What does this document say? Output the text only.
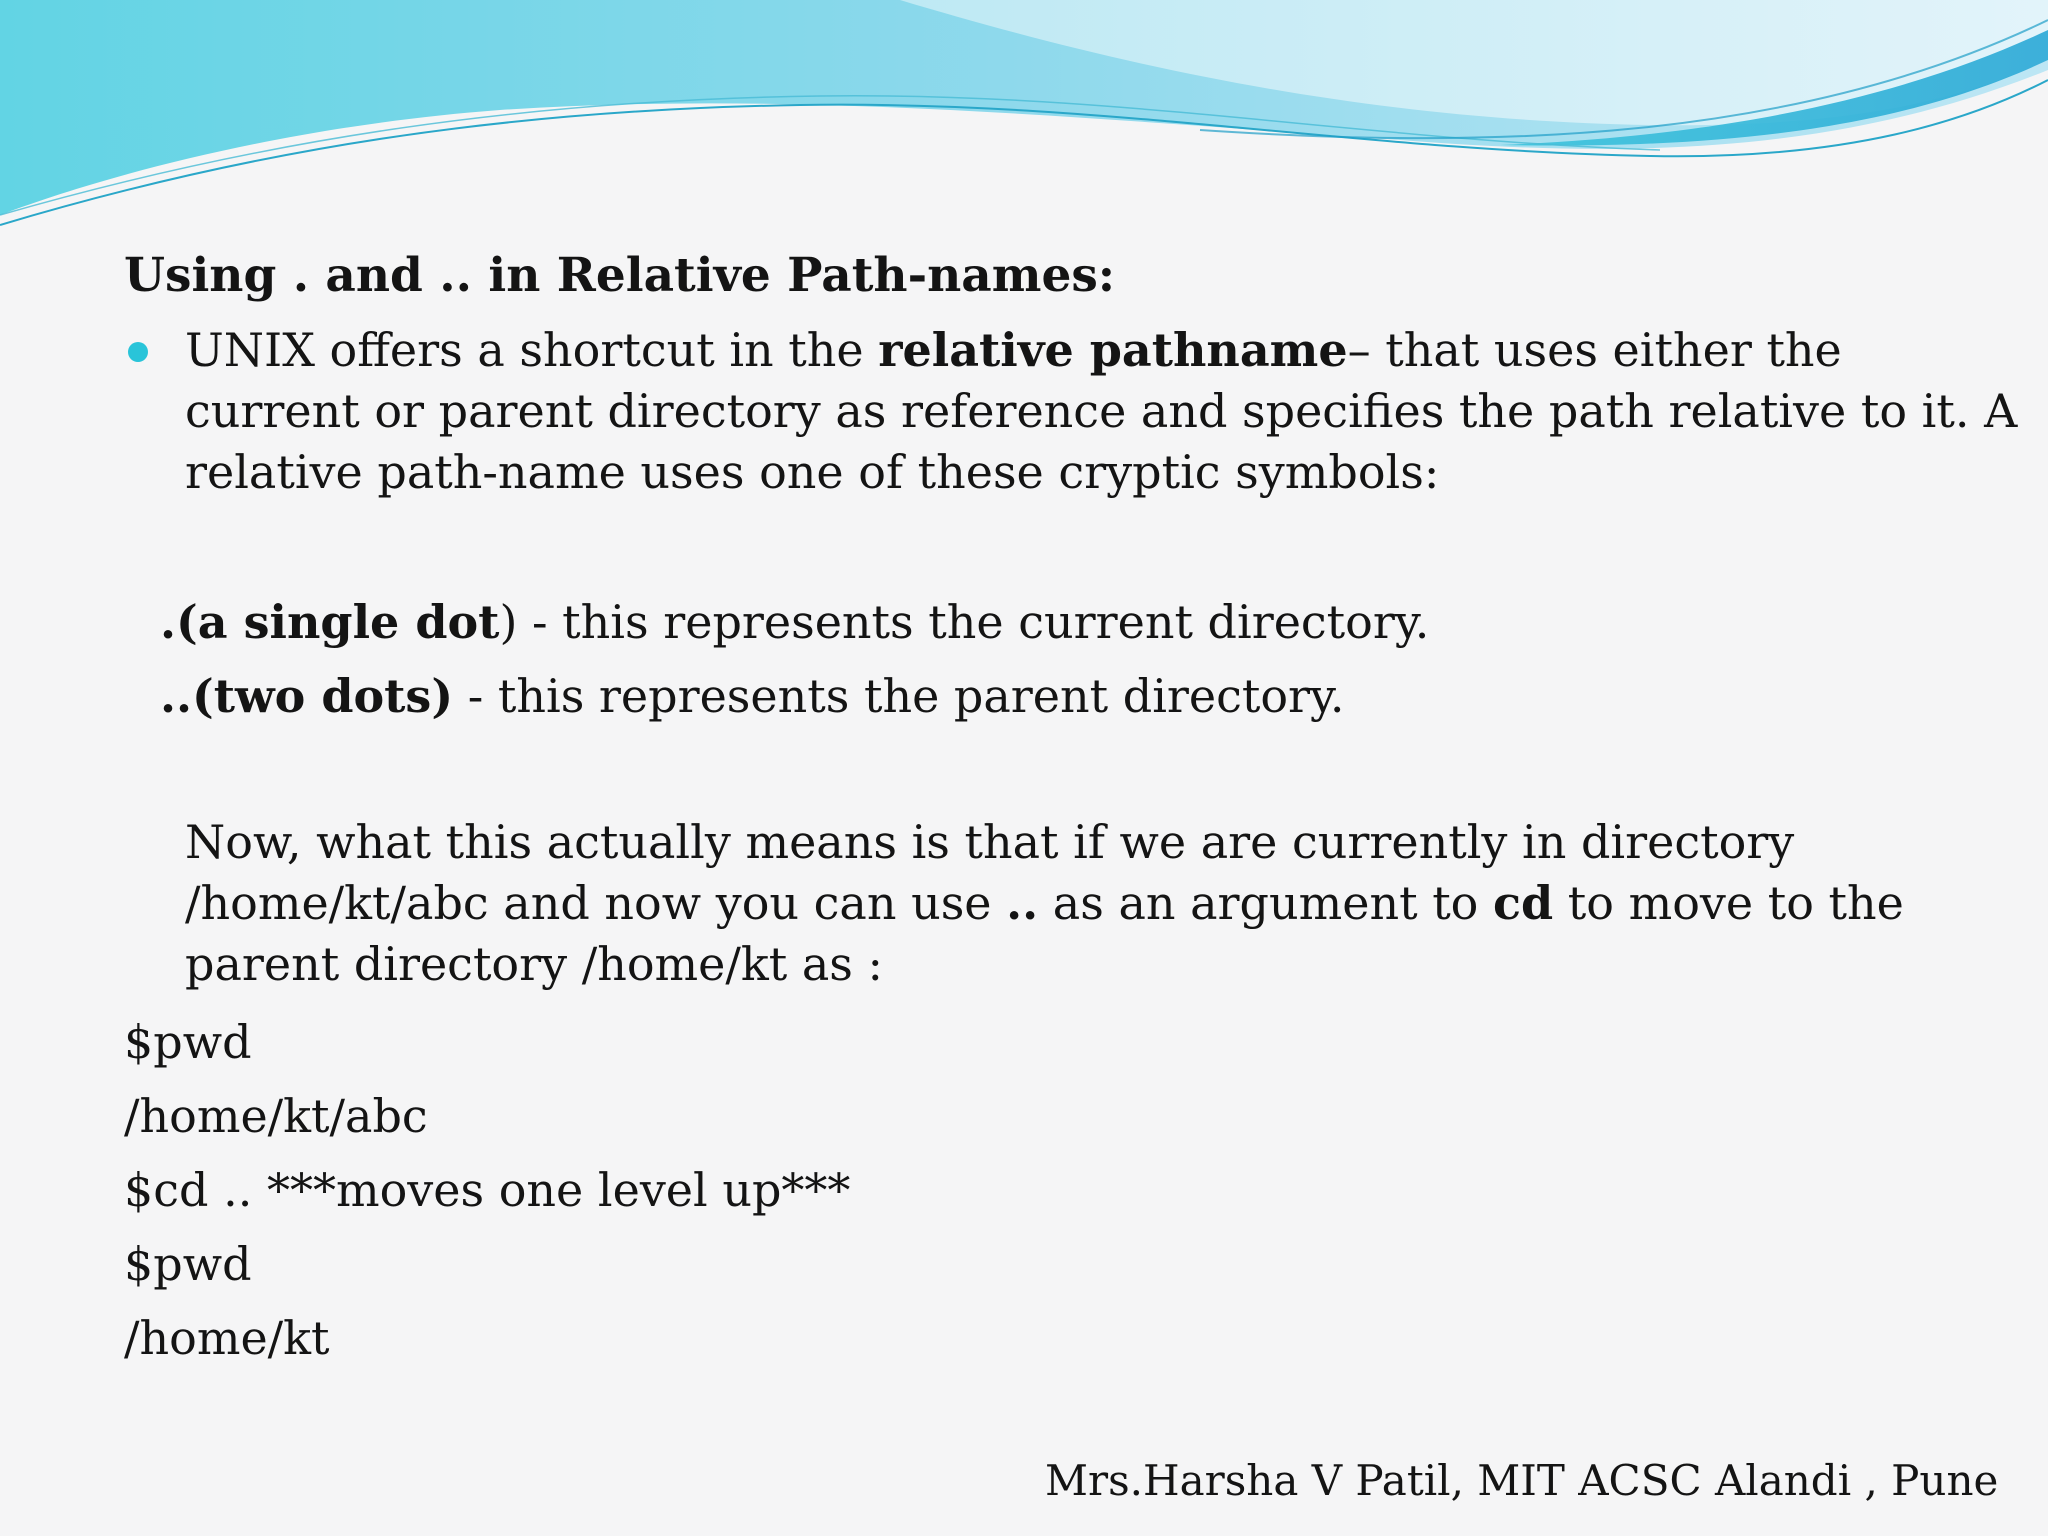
Using . and .. in Relative Path-names:
UNIX offers a shortcut in the relative pathname– that uses either the current or parent directory as reference and specifies the path relative to it. A relative path-name uses one of these cryptic symbols:
.(a single dot) - this represents the current directory.
..(two dots) - this represents the parent directory.
Now, what this actually means is that if we are currently in directory /home/kt/abc and now you can use .. as an argument to cd to move to the parent directory /home/kt as :
$pwd
/home/kt/abc
$cd .. ***moves one level up***
$pwd
/home/kt
Mrs.Harsha V Patil, MIT ACSC Alandi , Pune
